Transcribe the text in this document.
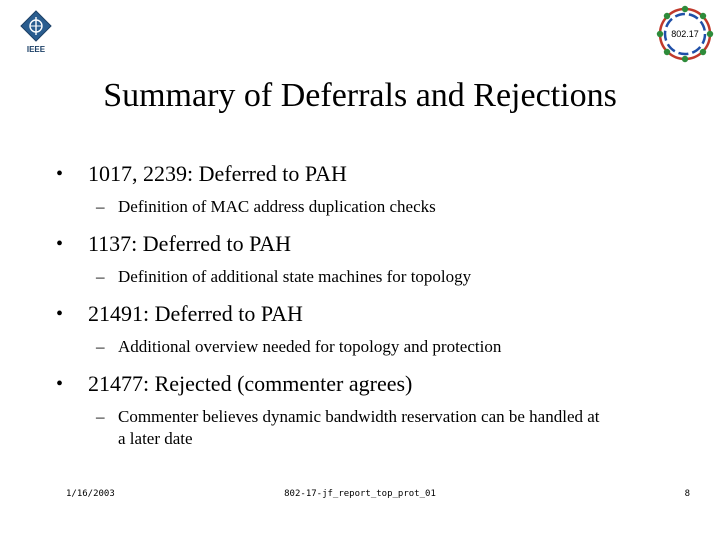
IEEE
802.17
Summary of Deferrals and Rejections
• 1017, 2239: Deferred to PAH
– Definition of MAC address duplication checks
• 1137: Deferred to PAH
– Definition of additional state machines for topology
• 21491: Deferred to PAH
– Additional overview needed for topology and protection
• 21477: Rejected (commenter agrees)
– Commenter believes dynamic bandwidth reservation can be handled at a later date
1/16/2003	802-17-jf_report_top_prot_01	8
